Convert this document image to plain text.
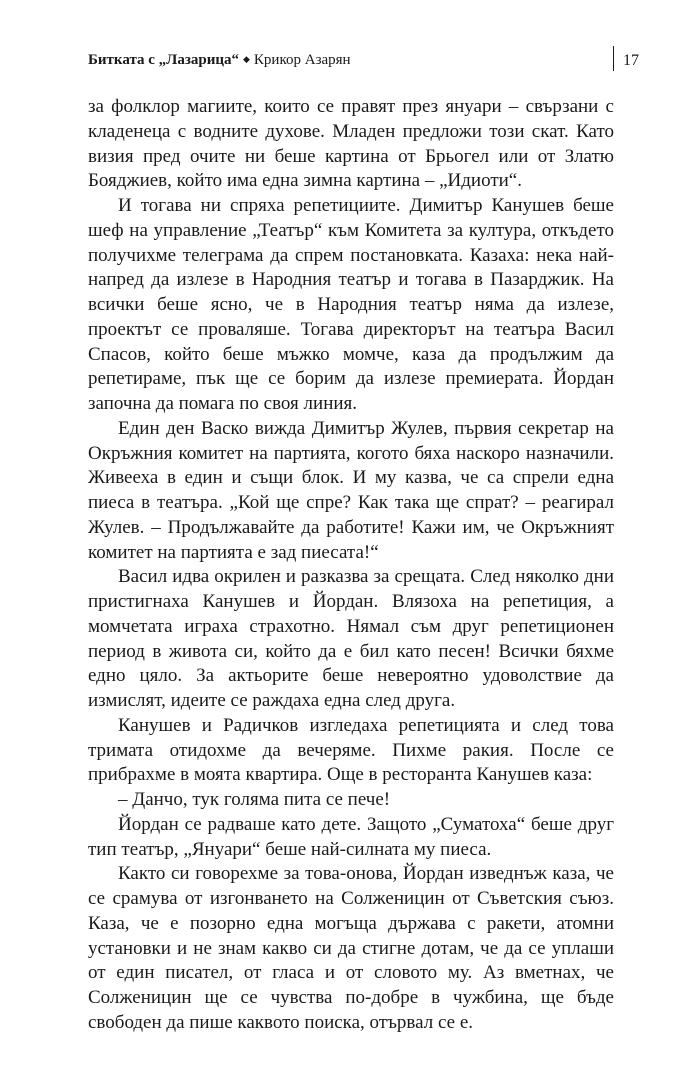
Битката с „Лазарица“ ◆ Крикор Азарян	17

за фолклор магиите, които се правят през януари – свързани с кладенеца с водните духове. Младен предложи този скат. Като визия пред очите ни беше картина от Брьогел или от Златю Бояджиев, който има една зимна картина – „Идиоти“.

И тогава ни спряха репетициите. Димитър Канушев беше шеф на управление „Театър“ към Комитета за култура, откъдето получихме телеграма да спрем постановката. Казаха: нека най-напред да излезе в Народния театър и тогава в Пазарджик. На всички беше ясно, че в Народния театър няма да излезе, проектът се проваляше. Тогава директорът на театъра Васил Спасов, който беше мъжко момче, каза да продължим да репетираме, пък ще се борим да излезе премиерата. Йордан започна да помага по своя линия.

Един ден Васко вижда Димитър Жулев, първия секретар на Окръжния комитет на партията, когото бяха наскоро назначили. Живееха в един и същи блок. И му казва, че са спрели една пиеса в театъра. „Кой ще спре? Как така ще спрат? – реагирал Жулев. – Продължавайте да работите! Кажи им, че Окръжният комитет на партията е зад пиесата!“

Васил идва окрилен и разказва за срещата. След няколко дни пристигнаха Канушев и Йордан. Влязоха на репетиция, а момчетата играха страхотно. Нямал съм друг репетиционен период в живота си, който да е бил като песен! Всички бяхме едно цяло. За актьорите беше невероятно удоволствие да измислят, идеите се раждаха една след друга.

Канушев и Радичков изгледаха репетицията и след това тримата отидохме да вечеряме. Пихме ракия. После се прибрахме в моята квартира. Още в ресторанта Канушев каза:

– Данчо, тук голяма пита се пече!

Йордан се радваше като дете. Защото „Суматоха“ беше друг тип театър, „Януари“ беше най-силната му пиеса.

Както си говорехме за това-онова, Йордан изведнъж каза, че се срамува от изгонването на Солженицин от Съветския съюз. Каза, че е позорно една могъща държава с ракети, атомни установки и не знам какво си да стигне дотам, че да се уплаши от един писател, от гласа и от словото му. Аз вметнах, че Солженицин ще се чувства по-добре в чужбина, ще бъде свободен да пише каквото поиска, отървал се е.
